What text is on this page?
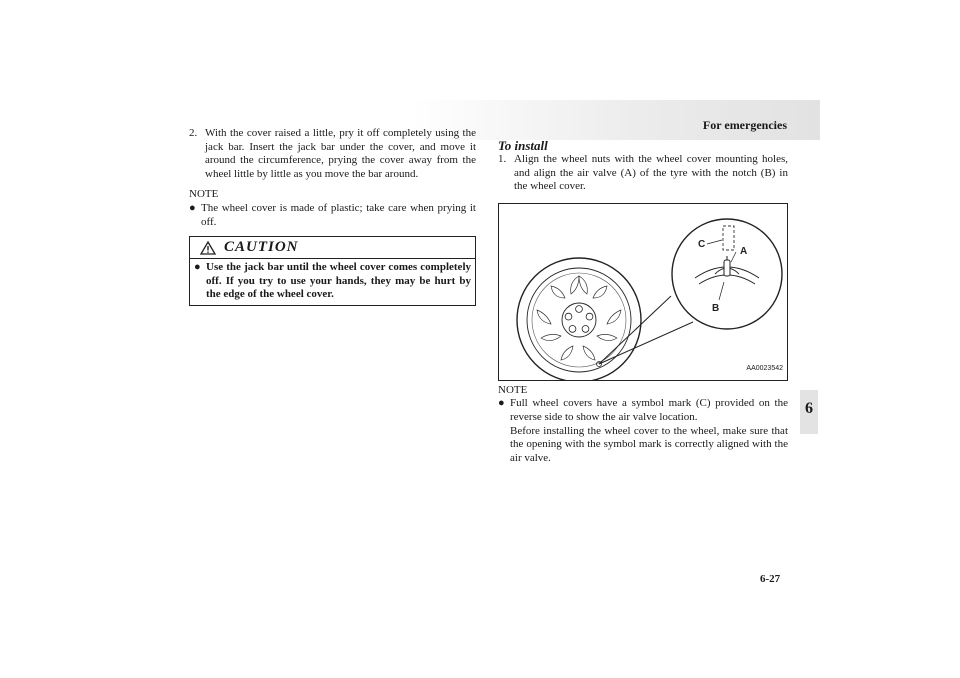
For emergencies
6
2. With the cover raised a little, pry it off completely using the jack bar. Insert the jack bar under the cover, and move it around the circumference, prying the cover away from the wheel little by little as you move the bar around.
NOTE
● The wheel cover is made of plastic; take care when prying it off.
CAUTION
● Use the jack bar until the wheel cover comes completely off. If you try to use your hands, they may be hurt by the edge of the wheel cover.
To install
1. Align the wheel nuts with the wheel cover mounting holes, and align the air valve (A) of the tyre with the notch (B) in the wheel cover.
A
B
C
AA0023542
NOTE
● Full wheel covers have a symbol mark (C) provided on the reverse side to show the air valve location.
Before installing the wheel cover to the wheel, make sure that the opening with the symbol mark is correctly aligned with the air valve.
6-27
